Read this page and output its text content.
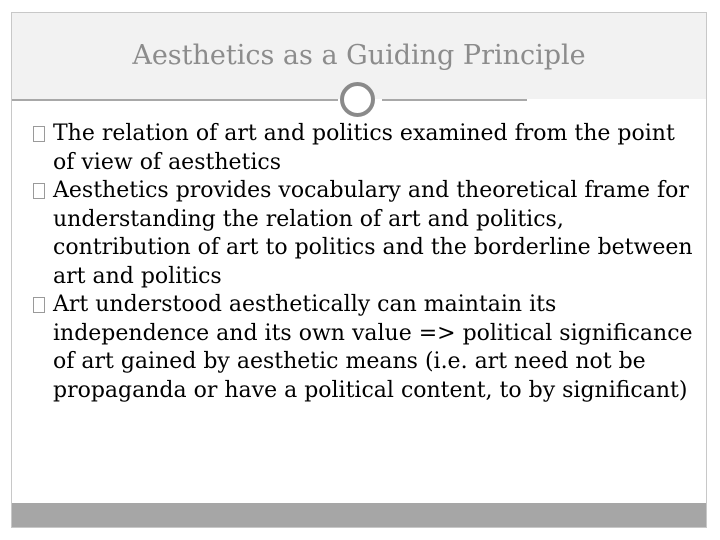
Aesthetics as a Guiding Principle
The relation of art and politics examined from the point of view of aesthetics
Aesthetics provides vocabulary and theoretical frame for understanding the relation of art and politics, contribution of art to politics and the borderline between art and politics
Art understood aesthetically can maintain its independence and its own value => political significance of art gained by aesthetic means (i.e. art need not be propaganda or have a political content, to by significant)
